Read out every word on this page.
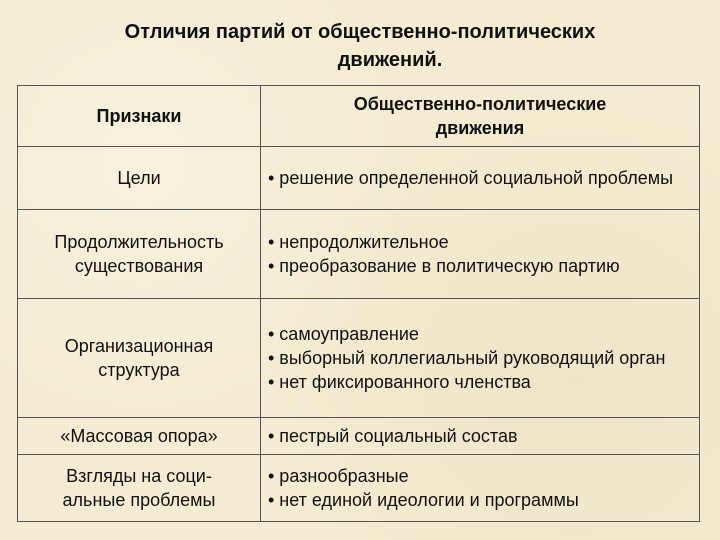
Отличия партий от общественно-политических
движений.
Признаки	Общественно-политические
движения

Цели	• решение определенной социальной проблемы

Продолжительность
существования	• непродолжительное
• преобразование в политическую партию

Организационная
структура	• самоуправление
• выборный коллегиальный руководящий орган
• нет фиксированного членства

«Массовая опора»	• пестрый социальный состав

Взгляды на соци-
альные проблемы	• разнообразные
• нет единой идеологии и программы
